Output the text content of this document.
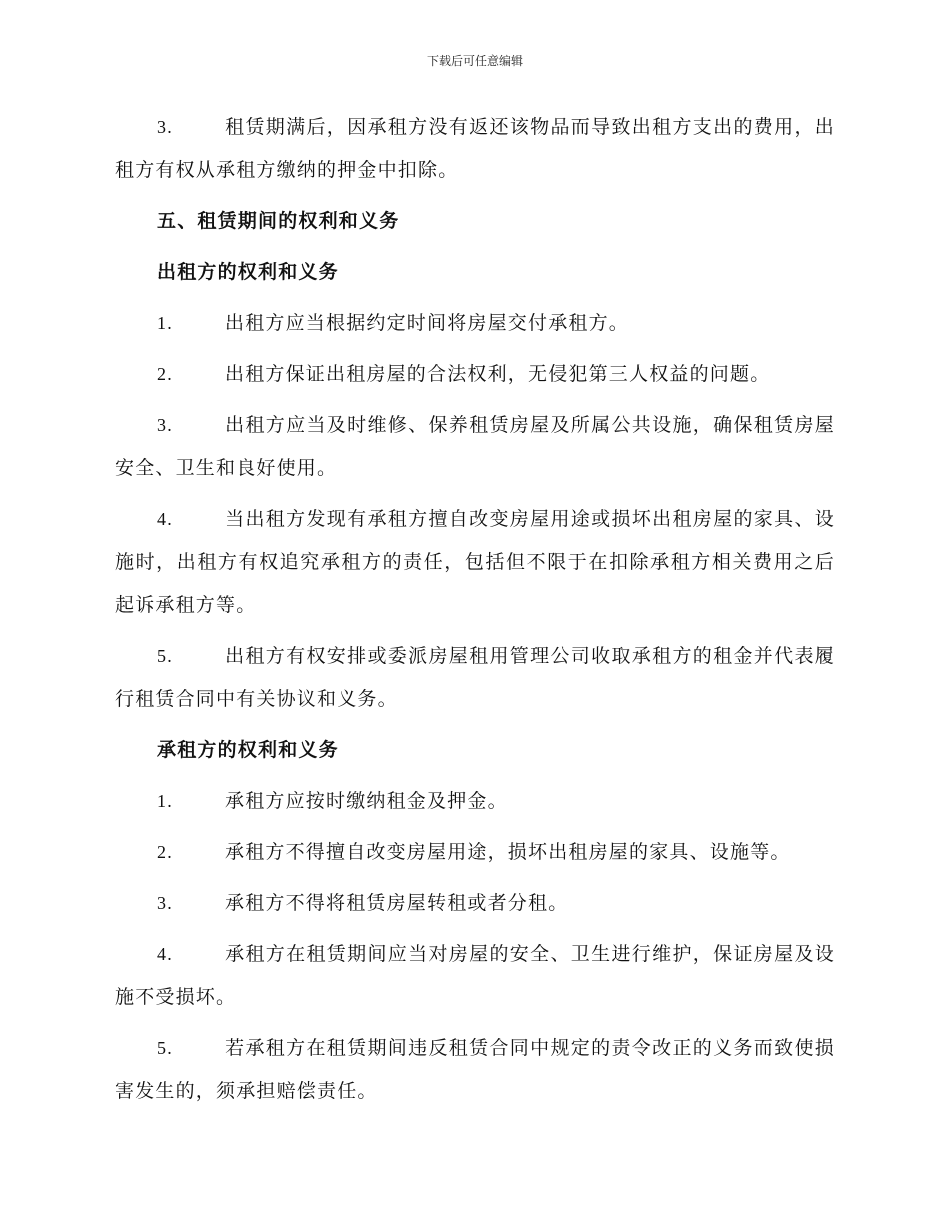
下载后可任意编辑

3.	租赁期满后，因承租方没有返还该物品而导致出租方支出的费用，出租方有权从承租方缴纳的押金中扣除。

五、租赁期间的权利和义务
出租方的权利和义务

1.	出租方应当根据约定时间将房屋交付承租方。

2.	出租方保证出租房屋的合法权利，无侵犯第三人权益的问题。

3.	出租方应当及时维修、保养租赁房屋及所属公共设施，确保租赁房屋安全、卫生和良好使用。

4.	当出租方发现有承租方擅自改变房屋用途或损坏出租房屋的家具、设施时，出租方有权追究承租方的责任，包括但不限于在扣除承租方相关费用之后起诉承租方等。

5.	出租方有权安排或委派房屋租用管理公司收取承租方的租金并代表履行租赁合同中有关协议和义务。

承租方的权利和义务

1.	承租方应按时缴纳租金及押金。

2.	承租方不得擅自改变房屋用途，损坏出租房屋的家具、设施等。

3.	承租方不得将租赁房屋转租或者分租。

4.	承租方在租赁期间应当对房屋的安全、卫生进行维护，保证房屋及设施不受损坏。

5.	若承租方在租赁期间违反租赁合同中规定的责令改正的义务而致使损害发生的，须承担赔偿责任。
